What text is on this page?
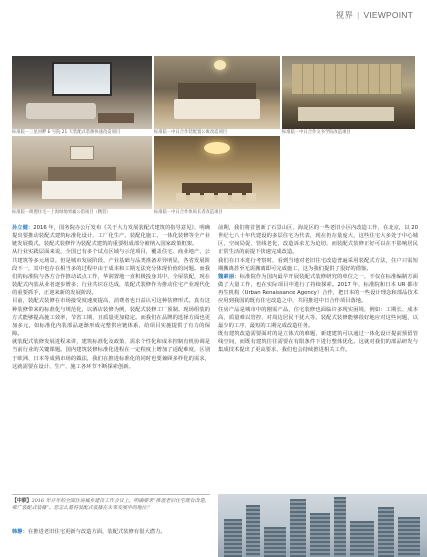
视界 | VIEWPOINT
标准院－三星河畔 E 号院 21 天装配式装修快速改造项目	标准院－中日合作装配置公寓改造项目	标准院－中日合作文书学院改造项目
标准院－朗德住宅－上海绿地果赢公馆项目（精装）	标准院－中日合作体质长者改造项目

孙立健：2016 年，国务院办公厅发布《关于大力发展装配式建筑的指导意见》，明确提出要推动装配式建筑标准化设计、工厂化生产、装配化施工、一体化装修等全产业链发展模式。装配式装修作为装配式建筑的重要组成部分被纳入国家政策框架。

从行业实践层面来说，全国已有多个试点区域与示范项目，覆盖住宅、商业地产、公共建筑等多元场景。但是城市发展阶段、产业基础与品类准备差异明显，各省发展阶段不一，其中也存在相当多的过程中由于成本和工期无法充分体现价值的问题。而我们的标准院与各方合作推动试点工作，华润置地一直积极投身其中，全屋装配，现在装配式内装从业者逐步增多；行业共识在达成，装配式装修作为推动住宅产业现代化的重要抓手，正迎来新的发展阶段。

目前，装配式装修在市场接受度速度提高，消费者也日益认可这种装修形式。真有这种装修带来的标准化与规范化，以酒店装修为例，装配式装修工厂预制、现场组装的方式能够提高施工效率，节省工期、且质量更加稳定。而我们在品牌的选择方面也更加多元，如标准化内装部品逐渐形成完整供应链体系，给项目实施提供了有力的保障。

就装配式装修发展进程来讲，建筑标准化及政策、需求个性化和成本控制有机协调是当前行业的关键课题。国内建筑装修标准化进程在一定程度上增加了适配难度，区别于欧洲、日本等成熟市场的做法，我们在推进标准化的同时也要兼顾多样化的需求，这就需要在设计、生产、施工各环节不断探索创新。

【中联】2016 年开年的全国住房城乡建设工作会议上，明确要求“推进老旧住宅既有改造，推广装配式装修”。您怎么看待装配式装修在未来发展中的地位？
韩静：在推进老旧住宅更新与改造方面，装配式装修有很大潜力。

前期，我们将首创新了石景山区、海淀区的一些老旧小区内改造工作，在北京，以 20 世纪七八十年代建设的多层住宅为代表，现在仍存量庞大，这些住宅大多处于中心城区，空间局促、管线老化，改造诉求尤为迫切，而装配式装修正好可以在不影响居民正常生活的前提下快速完成改造。

我们在日本进行考察时，看到当地对老旧住宅改造普遍采用装配式方法，住户只需短期搬离甚至无需搬离即可完成施工，这为我们提供了很好的借鉴。

魏素丽：标准院作为国内最早开展装配式装修研究的单位之一，不仅在标准编制方面做了大量工作，也在实际项目中进行了持续探索。2017 年，标准院和日本 UR 都市再生机构（Urban Renaissance Agency）合作，把日本的一些设计理念和部品技术应用到我国的既有住宅改造之中，共同推进中日合作项目落地。

住房产品是城市中的刚需产品，住宅装修也面临许多现实困境，例如：工期长、成本高、质量难以管控、对周边居民干扰大等。装配式装修能够很好地应对这些问题，以最少的工序、最短的工期完成改造任务。

既有建筑改造需要面对的是立体式的难题，新建建筑可以通过一体化设计提前预留管线空间，而既有建筑往往需要在有限条件下进行整体优化。这就对我们的部品研发与集成技术提出了更高要求，我们也会持续推进相关工作。
